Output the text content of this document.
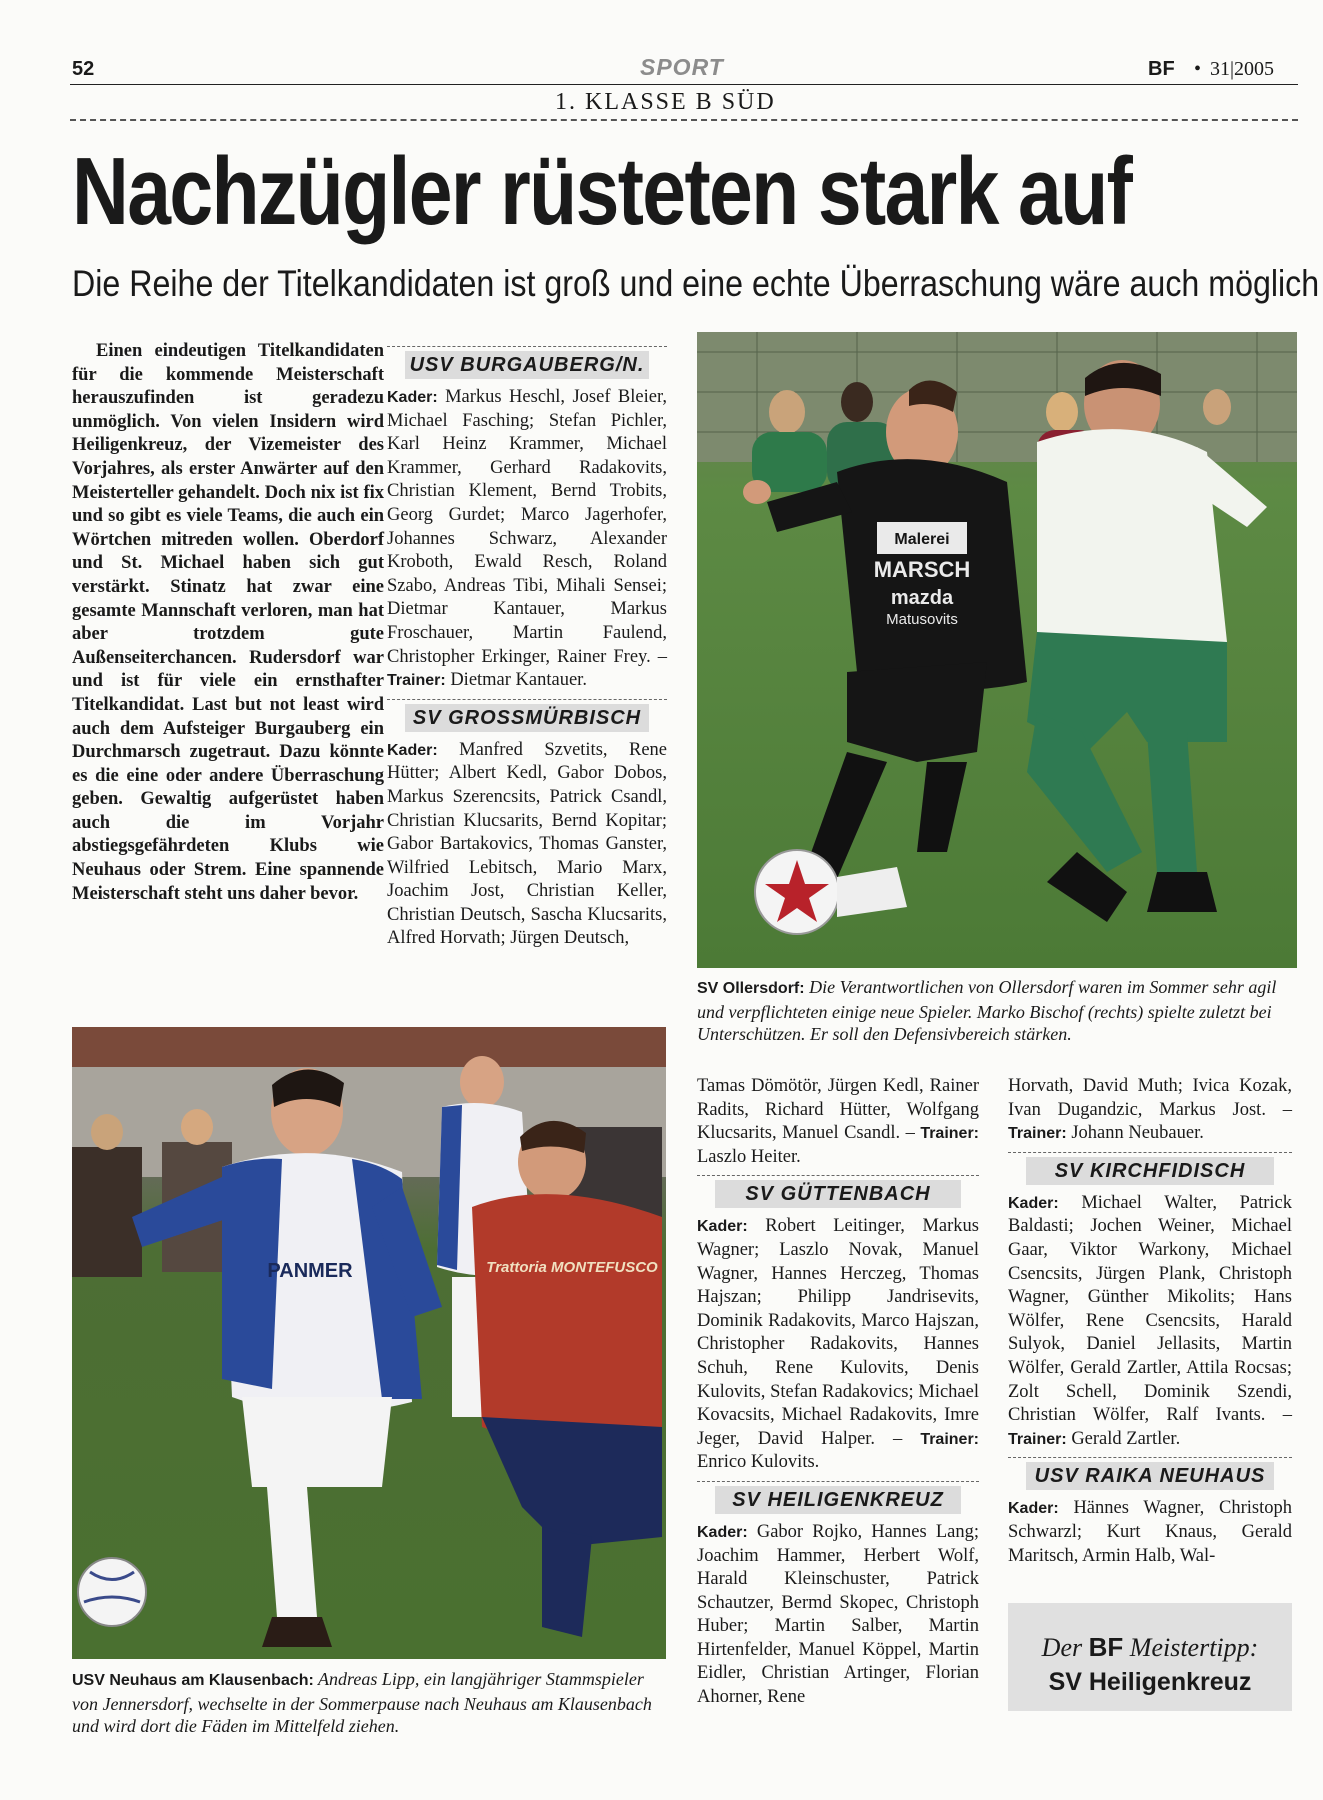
52	SPORT	BF • 31|2005
1. KLASSE B SÜD
Nachzügler rüsteten stark auf
Die Reihe der Titelkandidaten ist groß und eine echte Überraschung wäre auch möglich

Einen eindeutigen Titelkandidaten für die kommende Meisterschaft herauszufinden ist geradezu unmöglich. Von vielen Insidern wird Heiligenkreuz, der Vizemeister des Vorjahres, als erster Anwärter auf den Meisterteller gehandelt. Doch nix ist fix und so gibt es viele Teams, die auch ein Wörtchen mitreden wollen. Oberdorf und St. Michael haben sich gut verstärkt. Stinatz hat zwar eine gesamte Mannschaft verloren, man hat aber trotzdem gute Außenseiterchancen. Rudersdorf war und ist für viele ein ernsthafter Titelkandidat. Last but not least wird auch dem Aufsteiger Burgauberg ein Durchmarsch zugetraut. Dazu könnte es die eine oder andere Überraschung geben. Gewaltig aufgerüstet haben auch die im Vorjahr abstiegsgefährdeten Klubs wie Neuhaus oder Strem. Eine spannende Meisterschaft steht uns daher bevor.

USV BURGAUBERG/N.

Kader: Markus Heschl, Josef Bleier, Michael Fasching; Stefan Pichler, Karl Heinz Krammer, Michael Krammer, Gerhard Radakovits, Christian Klement, Bernd Trobits, Georg Gurdet; Marco Jagerhofer, Johannes Schwarz, Alexander Kroboth, Ewald Resch, Roland Szabo, Andreas Tibi, Mihali Sensei; Dietmar Kantauer, Markus Froschauer, Martin Faulend, Christopher Erkinger, Rainer Frey. – Trainer: Dietmar Kantauer.

SV GROSSMÜRBISCH

Kader: Manfred Szvetits, Rene Hütter; Albert Kedl, Gabor Dobos, Markus Szerencsits, Patrick Csandl, Christian Klucsarits, Bernd Kopitar; Gabor Bartakovics, Thomas Ganster, Wilfried Lebitsch, Mario Marx, Joachim Jost, Christian Keller, Christian Deutsch, Sascha Klucsarits, Alfred Horvath; Jürgen Deutsch,

Malerei
MARSCH
mazda
Matusovits
SV Ollersdorf: Die Verantwortlichen von Ollersdorf waren im Sommer sehr agil und verpflichteten einige neue Spieler. Marko Bischof (rechts) spielte zuletzt bei Unterschützen. Er soll den Defensivbereich stärken.
PANMER	Trattoria MONTEFUSCO
USV Neuhaus am Klausenbach: Andreas Lipp, ein langjähriger Stammspieler von Jennersdorf, wechselte in der Sommerpause nach Neuhaus am Klausenbach und wird dort die Fäden im Mittelfeld ziehen.

Tamas Dömötör, Jürgen Kedl, Rainer Radits, Richard Hütter, Wolfgang Klucsarits, Manuel Csandl. – Trainer: Laszlo Heiter.

SV GÜTTENBACH

Kader: Robert Leitinger, Markus Wagner; Laszlo Novak, Manuel Wagner, Hannes Herczeg, Thomas Hajszan; Philipp Jandrisevits, Dominik Radakovits, Marco Hajszan, Christopher Radakovits, Hannes Schuh, Rene Kulovits, Denis Kulovits, Stefan Radakovics; Michael Kovacsits, Michael Radakovits, Imre Jeger, David Halper. – Trainer: Enrico Kulovits.

SV HEILIGENKREUZ

Kader: Gabor Rojko, Hannes Lang; Joachim Hammer, Herbert Wolf, Harald Kleinschuster, Patrick Schautzer, Bermd Skopec, Christoph Huber; Martin Salber, Martin Hirtenfelder, Manuel Köppel, Martin Eidler, Christian Artinger, Florian Ahorner, Rene

Horvath, David Muth; Ivica Kozak, Ivan Dugandzic, Markus Jost. – Trainer: Johann Neubauer.

SV KIRCHFIDISCH

Kader: Michael Walter, Patrick Baldasti; Jochen Weiner, Michael Gaar, Viktor Warkony, Michael Csencsits, Jürgen Plank, Christoph Wagner, Günther Mikolits; Hans Wölfer, Rene Csencsits, Harald Sulyok, Daniel Jellasits, Martin Wölfer, Gerald Zartler, Attila Rocsas; Zolt Schell, Dominik Szendi, Christian Wölfer, Ralf Ivants. – Trainer: Gerald Zartler.

USV RAIKA NEUHAUS

Kader: Hännes Wagner, Christoph Schwarzl; Kurt Knaus, Gerald Maritsch, Armin Halb, Wal-

Der BF Meistertipp:
SV Heiligenkreuz
